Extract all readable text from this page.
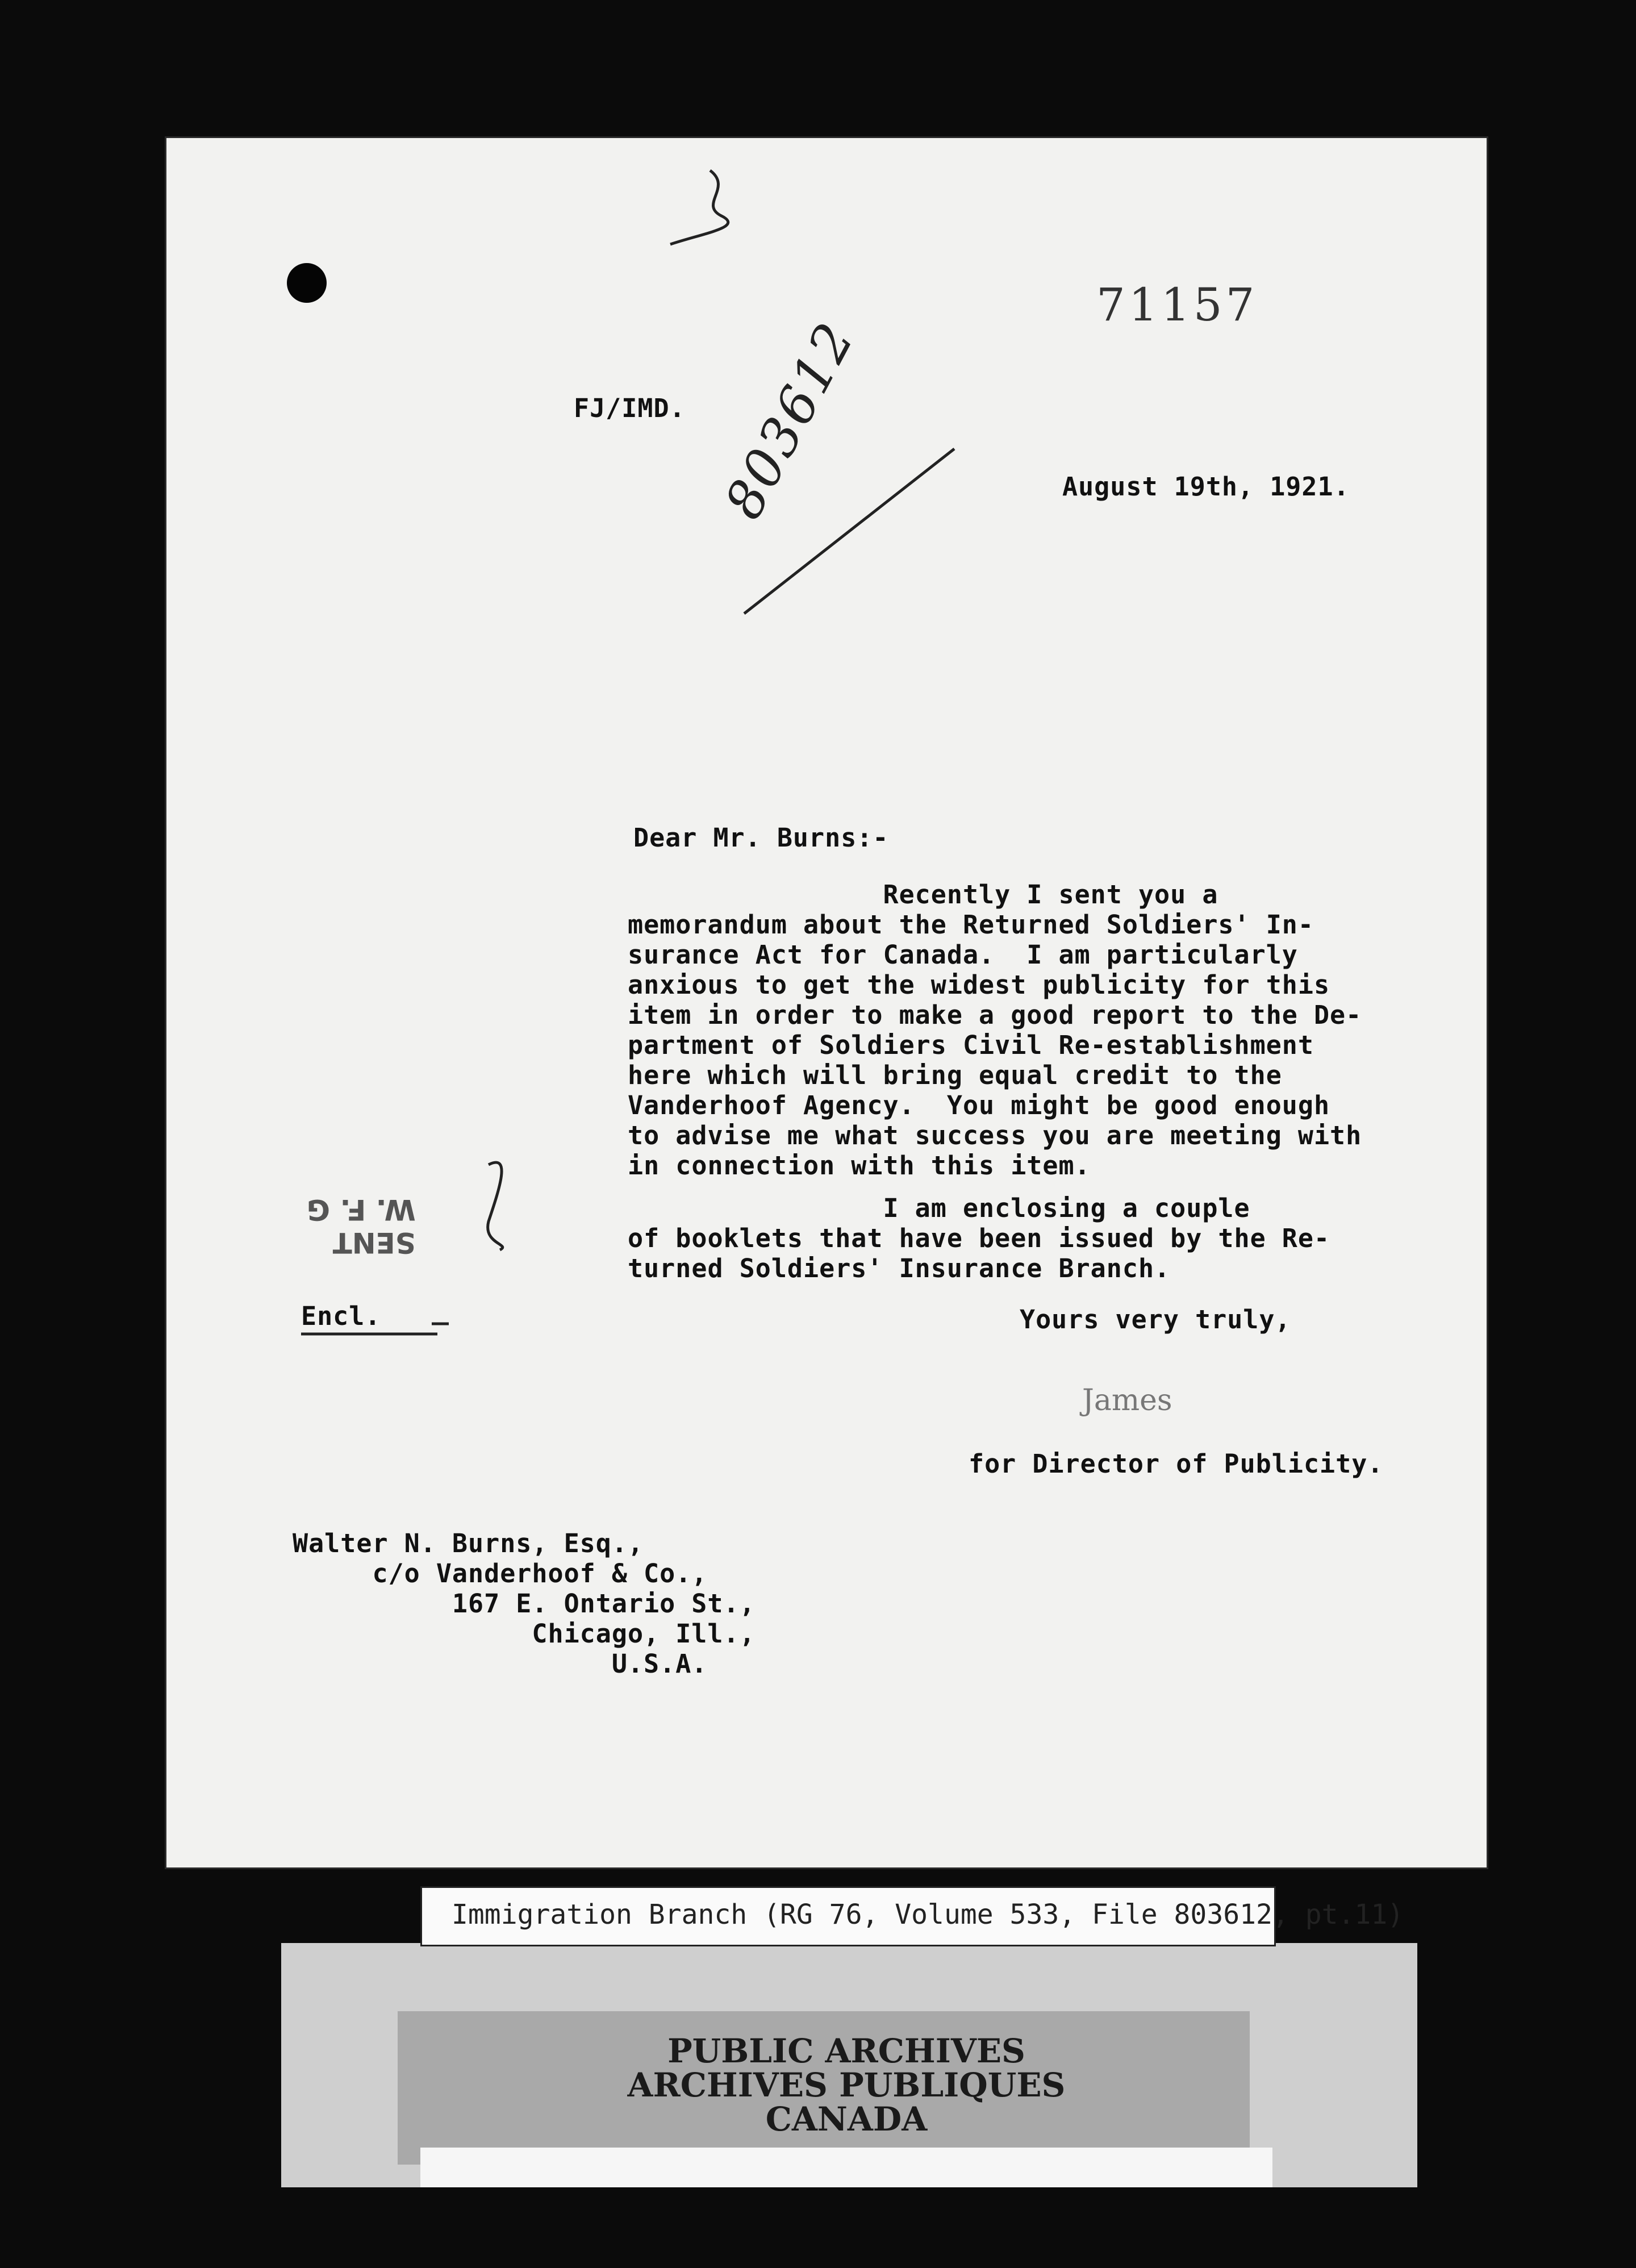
71157
803612
FJ/IMD.
August 19th, 1921.
Dear Mr. Burns:-
Recently I sent you a
memorandum about the Returned Soldiers' In-
surance Act for Canada.  I am particularly
anxious to get the widest publicity for this
item in order to make a good report to the De-
partment of Soldiers Civil Re-establishment
here which will bring equal credit to the
Vanderhoof Agency.  You might be good enough
to advise me what success you are meeting with
in connection with this item.
I am enclosing a couple
of booklets that have been issued by the Re-
turned Soldiers' Insurance Branch.
SENT
W. F. G
Encl.	Yours very truly,
James
for Director of Publicity.
Walter N. Burns, Esq.,
c/o Vanderhoof & Co.,
167 E. Ontario St.,
Chicago, Ill.,
U.S.A.
Immigration Branch (RG 76, Volume 533, File 803612, pt.11)
PUBLIC ARCHIVES
ARCHIVES PUBLIQUES
CANADA
